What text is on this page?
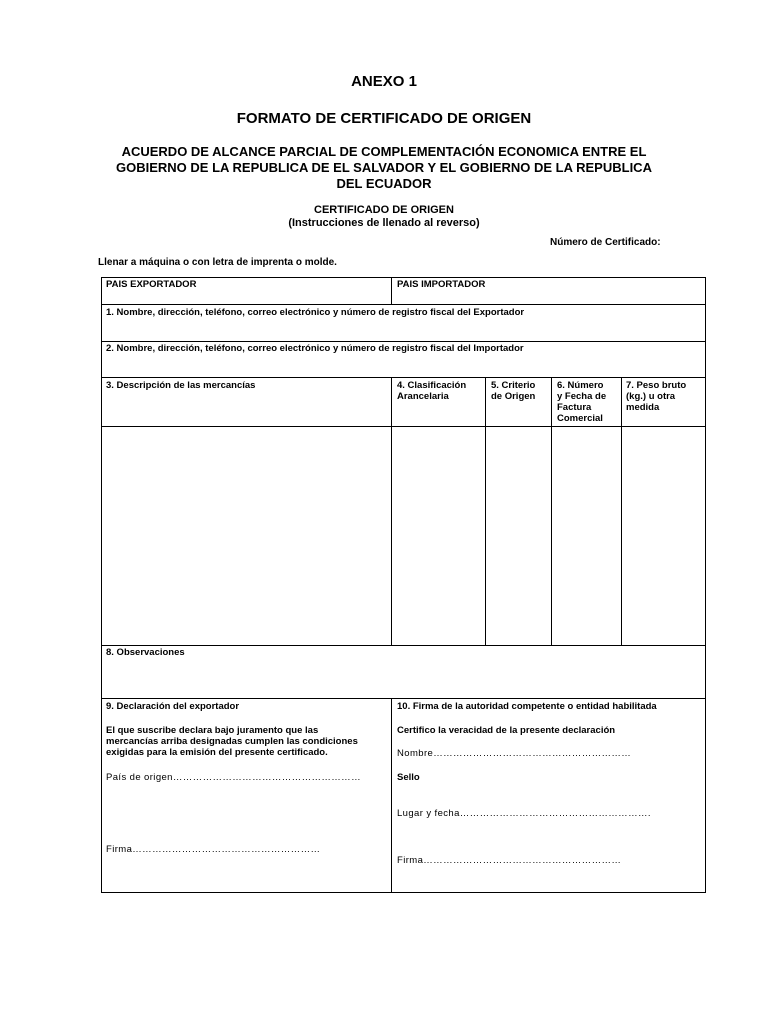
ANEXO 1
FORMATO DE CERTIFICADO DE ORIGEN
ACUERDO DE ALCANCE PARCIAL DE COMPLEMENTACIÓN ECONOMICA ENTRE EL
GOBIERNO DE LA REPUBLICA DE EL SALVADOR Y EL GOBIERNO DE LA REPUBLICA
DEL ECUADOR
CERTIFICADO DE ORIGEN
(Instrucciones de llenado al reverso)
Número de Certificado:
Llenar a máquina o con letra de imprenta o molde.
PAIS EXPORTADOR	PAIS IMPORTADOR
1. Nombre, dirección, teléfono, correo electrónico y número de registro fiscal del Exportador
2. Nombre, dirección, teléfono, correo electrónico y número de registro fiscal del Importador
3. Descripción de las mercancías	4. Clasificación
Arancelaria
5. Criterio
de Origen
6. Número
y Fecha de
Factura
Comercial
7. Peso bruto
(kg.) u otra
medida
8. Observaciones
9. Declaración del exportador
El que suscribe declara bajo juramento que las
mercancías arriba designadas cumplen las condiciones
exigidas para la emisión del presente certificado.
País de origen…………………………………………………
Firma…………………………………………………
10. Firma de la autoridad competente o entidad habilitada
Certifico la veracidad de la presente declaración
Nombre……………………………………………………
Sello
Lugar y fecha………………………………………………….
Firma……………………………………………………
